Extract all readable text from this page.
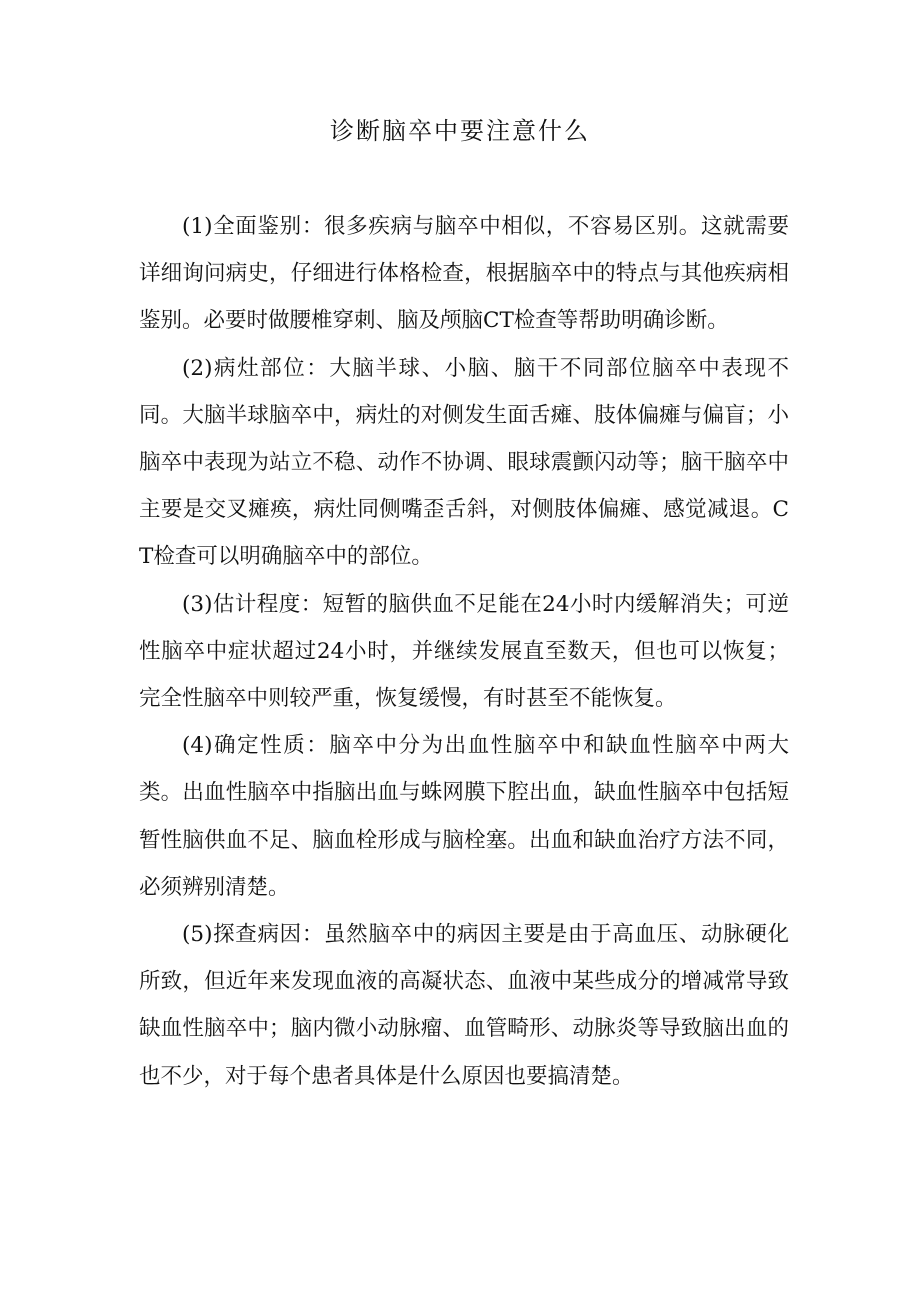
诊断脑卒中要注意什么

(1)全面鉴别：很多疾病与脑卒中相似，不容易区别。这就需要详细询问病史，仔细进行体格检查，根据脑卒中的特点与其他疾病相鉴别。必要时做腰椎穿刺、脑及颅脑CT检查等帮助明确诊断。

(2)病灶部位：大脑半球、小脑、脑干不同部位脑卒中表现不同。大脑半球脑卒中，病灶的对侧发生面舌瘫、肢体偏瘫与偏盲；小脑卒中表现为站立不稳、动作不协调、眼球震颤闪动等；脑干脑卒中主要是交叉瘫痪，病灶同侧嘴歪舌斜，对侧肢体偏瘫、感觉减退。CT检查可以明确脑卒中的部位。

(3)估计程度：短暂的脑供血不足能在24小时内缓解消失；可逆性脑卒中症状超过24小时，并继续发展直至数天，但也可以恢复；完全性脑卒中则较严重，恢复缓慢，有时甚至不能恢复。

(4)确定性质：脑卒中分为出血性脑卒中和缺血性脑卒中两大类。出血性脑卒中指脑出血与蛛网膜下腔出血，缺血性脑卒中包括短暂性脑供血不足、脑血栓形成与脑栓塞。出血和缺血治疗方法不同，必须辨别清楚。

(5)探查病因：虽然脑卒中的病因主要是由于高血压、动脉硬化所致，但近年来发现血液的高凝状态、血液中某些成分的增减常导致缺血性脑卒中；脑内微小动脉瘤、血管畸形、动脉炎等导致脑出血的也不少，对于每个患者具体是什么原因也要搞清楚。
